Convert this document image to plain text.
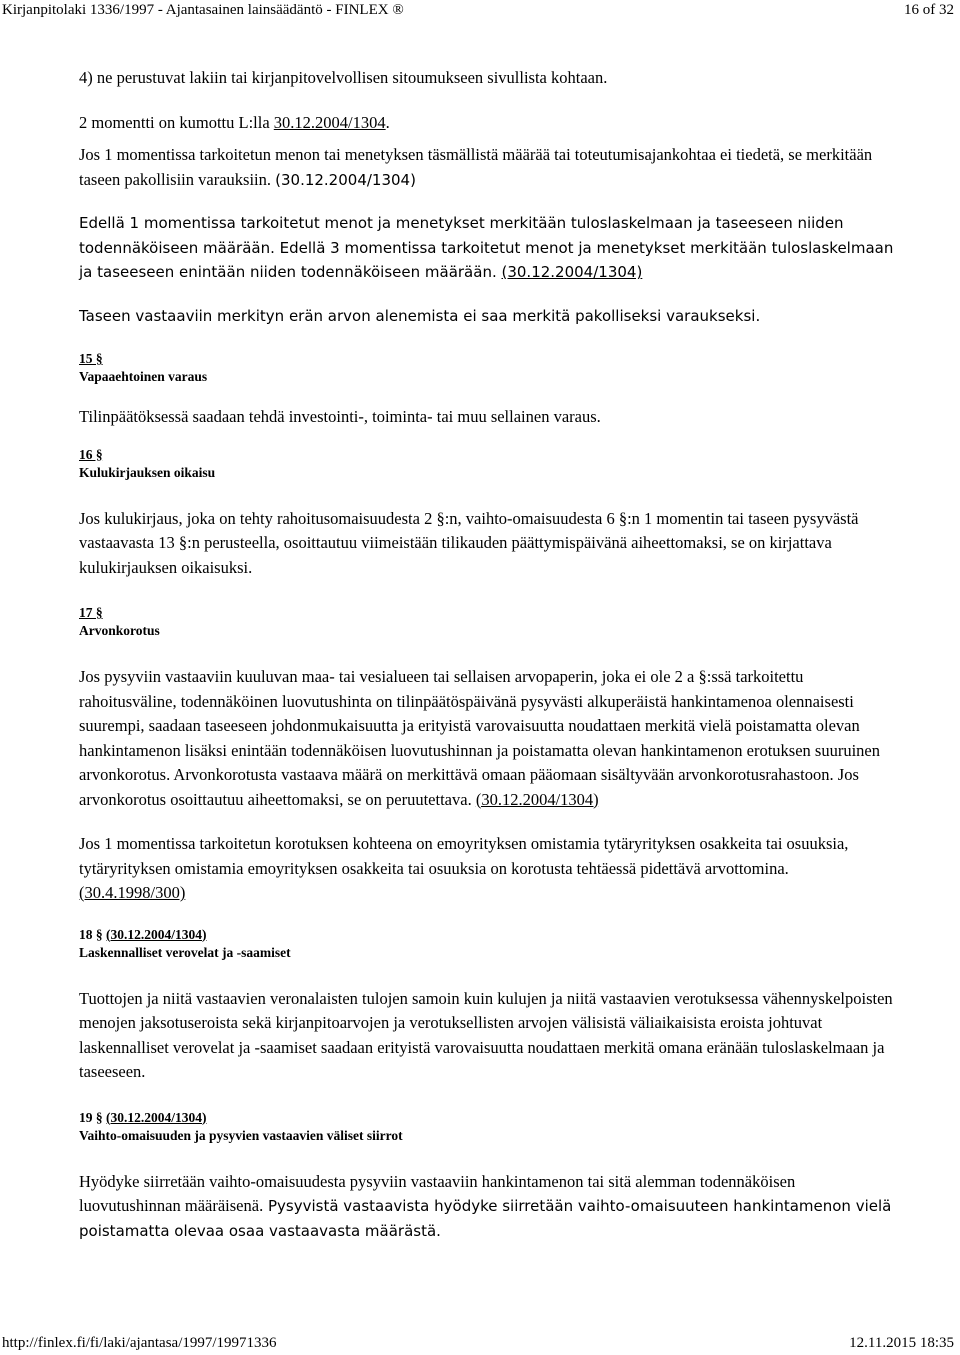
Kirjanpitolaki 1336/1997 - Ajantasainen lainsäädäntö - FINLEX ®	16 of 32

4) ne perustuvat lakiin tai kirjanpitovelvollisen sitoumukseen sivullista kohtaan.

2 momentti on kumottu L:lla 30.12.2004/1304.

Jos 1 momentissa tarkoitetun menon tai menetyksen täsmällistä määrää tai toteutumisajankohtaa ei tiedetä, se merkitään taseen pakollisiin varauksiin. (30.12.2004/1304)

Edellä 1 momentissa tarkoitetut menot ja menetykset merkitään tuloslaskelmaan ja taseeseen niiden todennäköiseen määrään. Edellä 3 momentissa tarkoitetut menot ja menetykset merkitään tuloslaskelmaan ja taseeseen enintään niiden todennäköiseen määrään. (30.12.2004/1304)

Taseen vastaaviin merkityn erän arvon alenemista ei saa merkitä pakolliseksi varaukseksi.

15 §

Vapaaehtoinen varaus

Tilinpäätöksessä saadaan tehdä investointi-, toiminta- tai muu sellainen varaus.

16 §

Kulukirjauksen oikaisu

Jos kulukirjaus, joka on tehty rahoitusomaisuudesta 2 §:n, vaihto-omaisuudesta 6 §:n 1 momentin tai taseen pysyvästä vastaavasta 13 §:n perusteella, osoittautuu viimeistään tilikauden päättymispäivänä aiheettomaksi, se on kirjattava kulukirjauksen oikaisuksi.

17 §

Arvonkorotus

Jos pysyviin vastaaviin kuuluvan maa- tai vesialueen tai sellaisen arvopaperin, joka ei ole 2 a §:ssä tarkoitettu rahoitusväline, todennäköinen luovutushinta on tilinpäätöspäivänä pysyvästi alkuperäistä hankintamenoa olennaisesti suurempi, saadaan taseeseen johdonmukaisuutta ja erityistä varovaisuutta noudattaen merkitä vielä poistamatta olevan hankintamenon lisäksi enintään todennäköisen luovutushinnan ja poistamatta olevan hankintamenon erotuksen suuruinen arvonkorotus. Arvonkorotusta vastaava määrä on merkittävä omaan pääomaan sisältyvään arvonkorotusrahastoon. Jos arvonkorotus osoittautuu aiheettomaksi, se on peruutettava. (30.12.2004/1304)

Jos 1 momentissa tarkoitetun korotuksen kohteena on emoyrityksen omistamia tytäryrityksen osakkeita tai osuuksia, tytäryrityksen omistamia emoyrityksen osakkeita tai osuuksia on korotusta tehtäessä pidettävä arvottomina. (30.4.1998/300)

18 § (30.12.2004/1304)

Laskennalliset verovelat ja -saamiset

Tuottojen ja niitä vastaavien veronalaisten tulojen samoin kuin kulujen ja niitä vastaavien verotuksessa vähennyskelpoisten menojen jaksotuseroista sekä kirjanpitoarvojen ja verotuksellisten arvojen välisistä väliaikaisista eroista johtuvat laskennalliset verovelat ja -saamiset saadaan erityistä varovaisuutta noudattaen merkitä omana eränään tuloslaskelmaan ja taseeseen.

19 § (30.12.2004/1304)

Vaihto-omaisuuden ja pysyvien vastaavien väliset siirrot

Hyödyke siirretään vaihto-omaisuudesta pysyviin vastaaviin hankintamenon tai sitä alemman todennäköisen luovutushinnan määräisenä. Pysyvistä vastaavista hyödyke siirretään vaihto-omaisuuteen hankintamenon vielä poistamatta olevaa osaa vastaavasta määrästä.

http://finlex.fi/fi/laki/ajantasa/1997/19971336	12.11.2015 18:35
